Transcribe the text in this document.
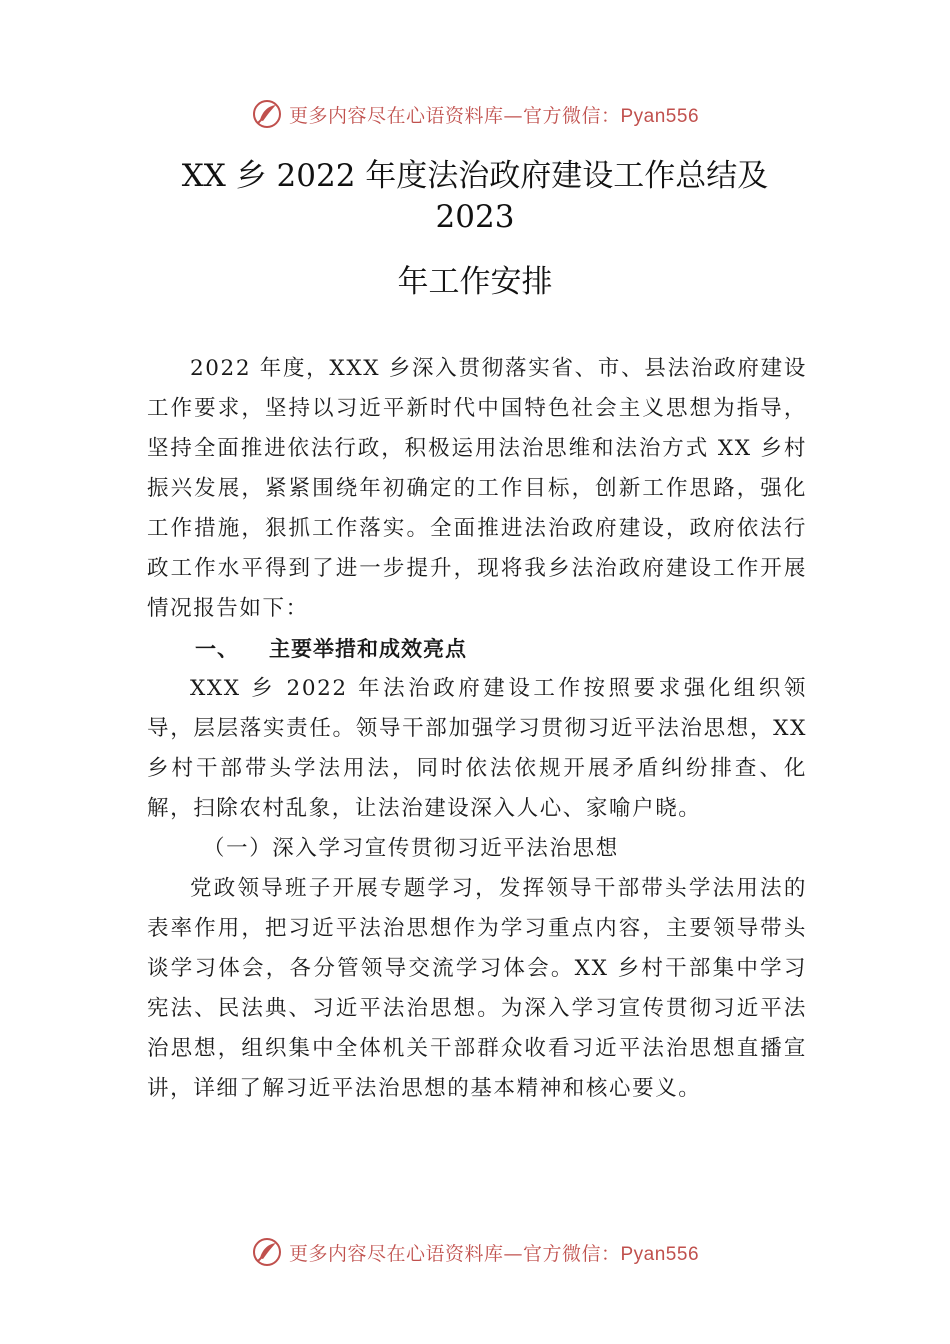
更多内容尽在心语资料库—官方微信：Pyan556
XX 乡 2022 年度法治政府建设工作总结及
2023
年工作安排

2022 年度，XXX 乡深入贯彻落实省、市、县法治政府建设工作要求，坚持以习近平新时代中国特色社会主义思想为指导，坚持全面推进依法行政，积极运用法治思维和法治方式 XX 乡村振兴发展，紧紧围绕年初确定的工作目标，创新工作思路，强化工作措施，狠抓工作落实。全面推进法治政府建设，政府依法行政工作水平得到了进一步提升，现将我乡法治政府建设工作开展情况报告如下：

一、 主要举措和成效亮点

XXX 乡 2022 年法治政府建设工作按照要求强化组织领导，层层落实责任。领导干部加强学习贯彻习近平法治思想，XX 乡村干部带头学法用法，同时依法依规开展矛盾纠纷排查、化解，扫除农村乱象，让法治建设深入人心、家喻户晓。

（一）深入学习宣传贯彻习近平法治思想

党政领导班子开展专题学习，发挥领导干部带头学法用法的表率作用，把习近平法治思想作为学习重点内容，主要领导带头谈学习体会，各分管领导交流学习体会。XX 乡村干部集中学习宪法、民法典、习近平法治思想。为深入学习宣传贯彻习近平法治思想，组织集中全体机关干部群众收看习近平法治思想直播宣讲，详细了解习近平法治思想的基本精神和核心要义。

更多内容尽在心语资料库—官方微信：Pyan556
